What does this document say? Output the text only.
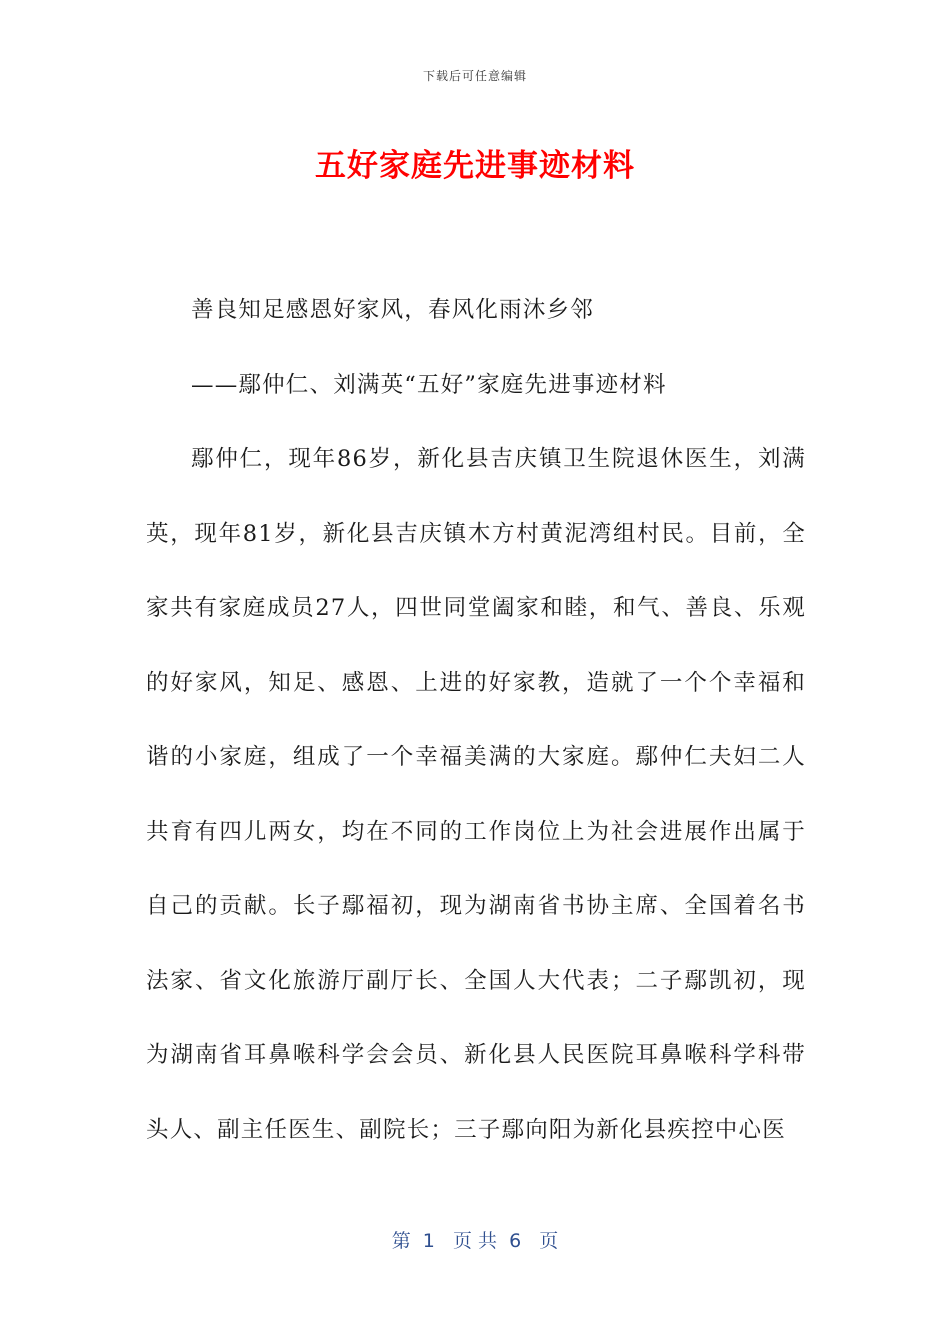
下载后可任意编辑
五好家庭先进事迹材料

善良知足感恩好家风，春风化雨沐乡邻

——鄢仲仁、刘满英“五好”家庭先进事迹材料

鄢仲仁，现年86岁，新化县吉庆镇卫生院退休医生，刘满英，现年81岁，新化县吉庆镇木方村黄泥湾组村民。目前，全家共有家庭成员27人，四世同堂阖家和睦，和气、善良、乐观的好家风，知足、感恩、上进的好家教，造就了一个个幸福和谐的小家庭，组成了一个幸福美满的大家庭。鄢仲仁夫妇二人共育有四儿两女，均在不同的工作岗位上为社会进展作出属于自己的贡献。长子鄢福初，现为湖南省书协主席、全国着名书法家、省文化旅游厅副厅长、全国人大代表；二子鄢凯初，现为湖南省耳鼻喉科学会会员、新化县人民医院耳鼻喉科学科带头人、副主任医生、副院长；三子鄢向阳为新化县疾控中心医

第  1   页 共  6   页
